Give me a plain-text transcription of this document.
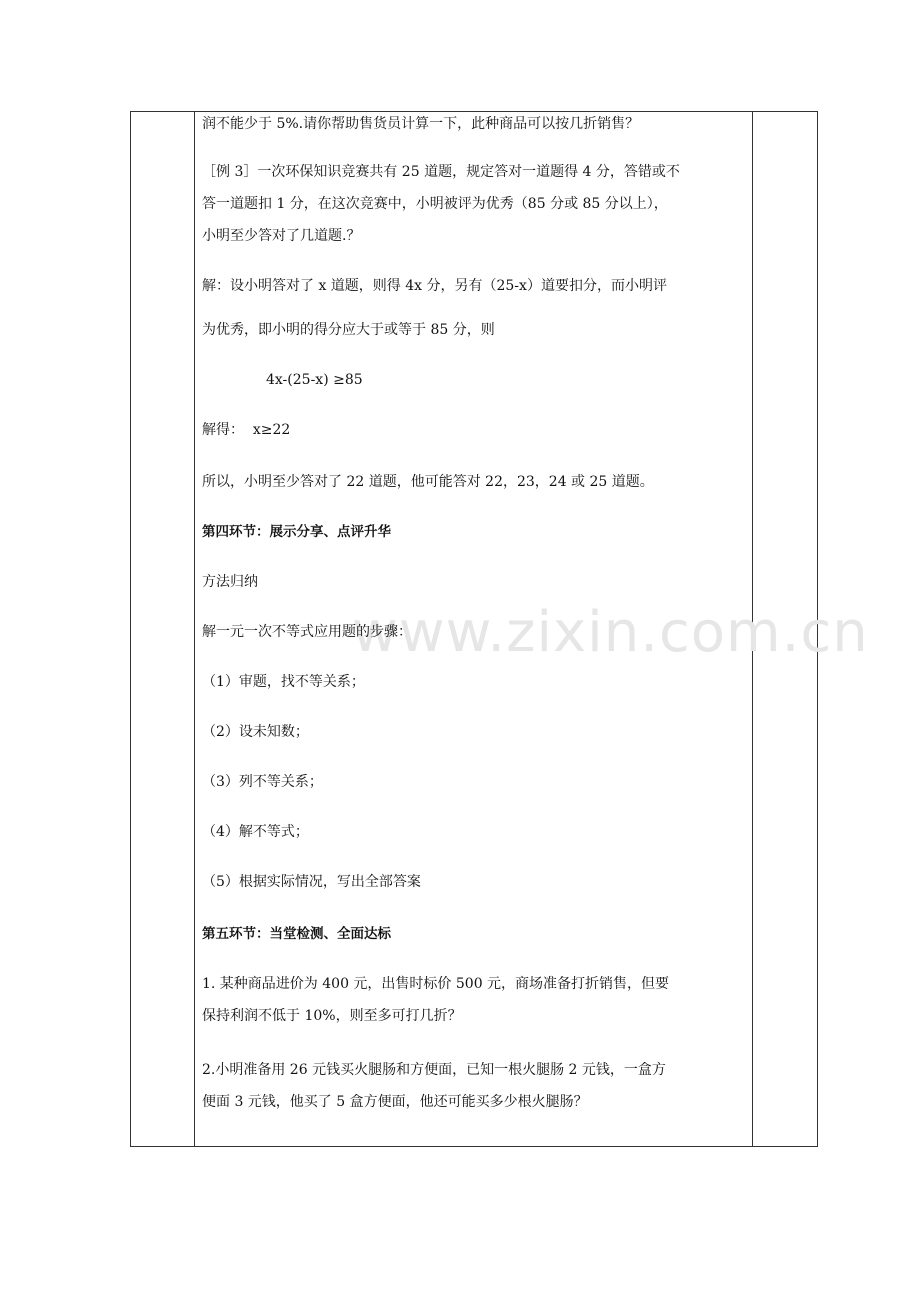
www.zixin.com.cn
润不能少于 5%.请你帮助售货员计算一下，此种商品可以按几折销售？
［例 3］一次环保知识竞赛共有 25 道题，规定答对一道题得 4 分，答错或不
答一道题扣 1 分，在这次竞赛中，小明被评为优秀（85 分或 85 分以上），
小明至少答对了几道题.？
解：设小明答对了 x 道题，则得 4x 分，另有（25-x）道要扣分，而小明评
为优秀，即小明的得分应大于或等于 85 分，则
4x-(25-x) ≥85
解得：  x≥22
所以，小明至少答对了 22 道题，他可能答对 22，23，24 或 25 道题。
第四环节：展示分享、点评升华
方法归纳
解一元一次不等式应用题的步骤：
（1）审题，找不等关系；
（2）设未知数；
（3）列不等关系；
（4）解不等式；
（5）根据实际情况，写出全部答案
第五环节：当堂检测、全面达标
1. 某种商品进价为 400 元，出售时标价 500 元，商场准备打折销售，但要
保持利润不低于 10%，则至多可打几折？
2.小明准备用 26 元钱买火腿肠和方便面，已知一根火腿肠 2 元钱，一盒方
便面 3 元钱，他买了 5 盒方便面，他还可能买多少根火腿肠？
